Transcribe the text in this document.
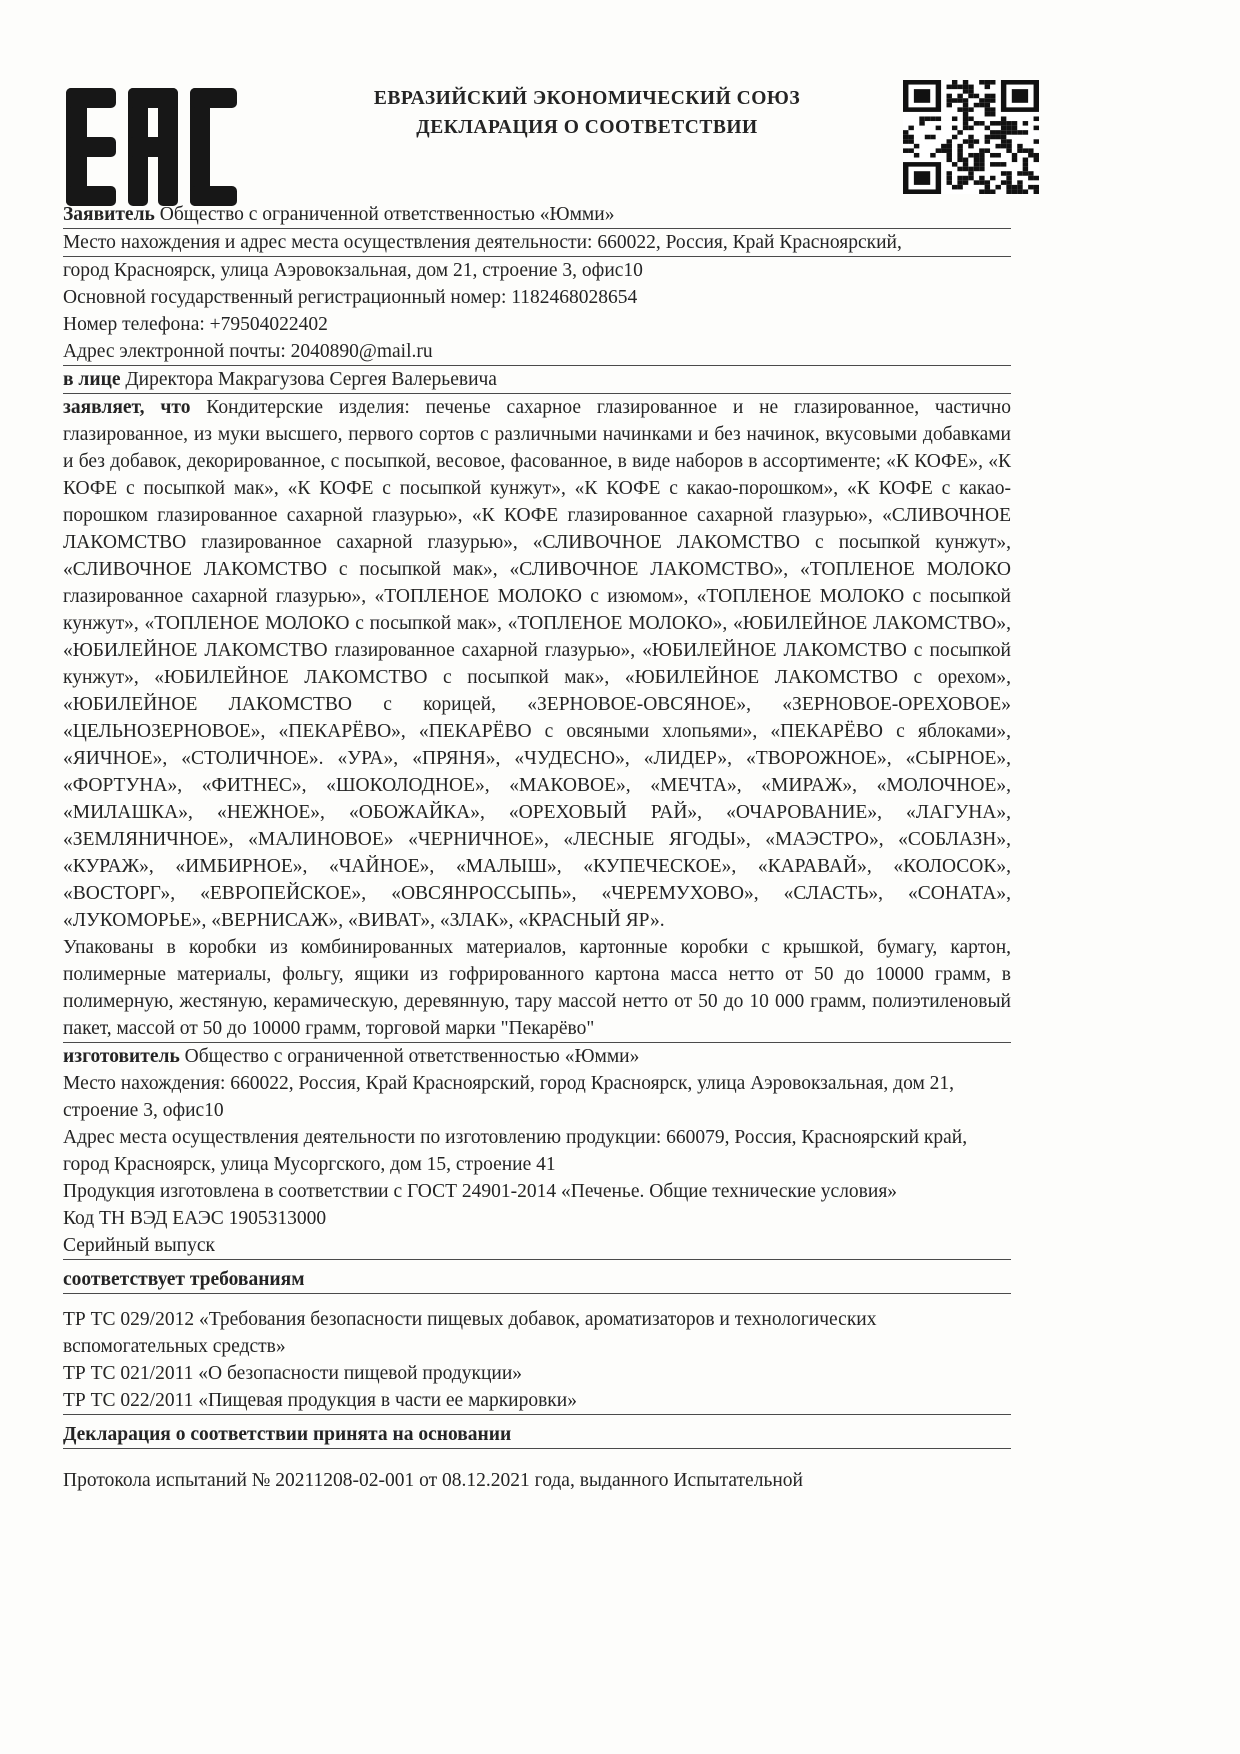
ЕВРАЗИЙСКИЙ ЭКОНОМИЧЕСКИЙ СОЮЗ
ДЕКЛАРАЦИЯ О СООТВЕТСТВИИ
Заявитель Общество с ограниченной ответственностью «Юмми»
Место нахождения и адрес места осуществления деятельности: 660022, Россия, Край Красноярский,
город Красноярск, улица Аэровокзальная, дом 21, строение 3, офис10
Основной государственный регистрационный номер: 1182468028654
Номер телефона: +79504022402
Адрес электронной почты: 2040890@mail.ru
в лице Директора Макрагузова Сергея Валерьевича
заявляет, что Кондитерские изделия: печенье сахарное глазированное и не глазированное, частично глазированное, из муки высшего, первого сортов с различными начинками и без начинок, вкусовыми добавками и без добавок, декорированное, с посыпкой, весовое, фасованное, в виде наборов в ассортименте; «К КОФЕ», «К КОФЕ с посыпкой мак», «К КОФЕ с посыпкой кунжут», «К КОФЕ с какао-порошком», «К КОФЕ с какао-порошком глазированное сахарной глазурью», «К КОФЕ глазированное сахарной глазурью», «СЛИВОЧНОЕ ЛАКОМСТВО глазированное сахарной глазурью», «СЛИВОЧНОЕ ЛАКОМСТВО с посыпкой кунжут», «СЛИВОЧНОЕ ЛАКОМСТВО с посыпкой мак», «СЛИВОЧНОЕ ЛАКОМСТВО», «ТОПЛЕНОЕ МОЛОКО глазированное сахарной глазурью», «ТОПЛЕНОЕ МОЛОКО с изюмом», «ТОПЛЕНОЕ МОЛОКО с посыпкой кунжут», «ТОПЛЕНОЕ МОЛОКО с посыпкой мак», «ТОПЛЕНОЕ МОЛОКО», «ЮБИЛЕЙНОЕ ЛАКОМСТВО», «ЮБИЛЕЙНОЕ ЛАКОМСТВО глазированное сахарной глазурью», «ЮБИЛЕЙНОЕ ЛАКОМСТВО с посыпкой кунжут», «ЮБИЛЕЙНОЕ ЛАКОМСТВО с посыпкой мак», «ЮБИЛЕЙНОЕ ЛАКОМСТВО с орехом», «ЮБИЛЕЙНОЕ ЛАКОМСТВО с корицей, «ЗЕРНОВОЕ-ОВСЯНОЕ», «ЗЕРНОВОЕ-ОРЕХОВОЕ» «ЦЕЛЬНОЗЕРНОВОЕ», «ПЕКАРЁВО», «ПЕКАРЁВО с овсяными хлопьями», «ПЕКАРЁВО с яблоками», «ЯИЧНОЕ», «СТОЛИЧНОЕ». «УРА», «ПРЯНЯ», «ЧУДЕСНО», «ЛИДЕР», «ТВОРОЖНОЕ», «СЫРНОЕ», «ФОРТУНА», «ФИТНЕС», «ШОКОЛОДНОЕ», «МАКОВОЕ», «МЕЧТА», «МИРАЖ», «МОЛОЧНОЕ», «МИЛАШКА», «НЕЖНОЕ», «ОБОЖАЙКА», «ОРЕХОВЫЙ РАЙ», «ОЧАРОВАНИЕ», «ЛАГУНА», «ЗЕМЛЯНИЧНОЕ», «МАЛИНОВОЕ» «ЧЕРНИЧНОЕ», «ЛЕСНЫЕ ЯГОДЫ», «МАЭСТРО», «СОБЛАЗН», «КУРАЖ», «ИМБИРНОЕ», «ЧАЙНОЕ», «МАЛЫШ», «КУПЕЧЕСКОЕ», «КАРАВАЙ», «КОЛОСОК», «ВОСТОРГ», «ЕВРОПЕЙСКОЕ», «ОВСЯНРОССЫПЬ», «ЧЕРЕМУХОВО», «СЛАСТЬ», «СОНАТА», «ЛУКОМОРЬЕ», «ВЕРНИСАЖ», «ВИВАТ», «ЗЛАК», «КРАСНЫЙ ЯР».
Упакованы в коробки из комбинированных материалов, картонные коробки с крышкой, бумагу, картон, полимерные материалы, фольгу, ящики из гофрированного картона масса нетто от 50 до 10000 грамм, в полимерную, жестяную, керамическую, деревянную, тару массой нетто от 50 до 10 000 грамм, полиэтиленовый пакет, массой от 50 до 10000 грамм, торговой марки "Пекарёво"
изготовитель Общество с ограниченной ответственностью «Юмми»
Место нахождения: 660022, Россия, Край Красноярский, город Красноярск, улица Аэровокзальная, дом 21, строение 3, офис10
Адрес места осуществления деятельности по изготовлению продукции: 660079, Россия, Красноярский край, город Красноярск, улица Мусоргского, дом 15, строение 41
Продукция изготовлена в соответствии с ГОСТ 24901-2014 «Печенье. Общие технические условия»
Код ТН ВЭД ЕАЭС 1905313000
Серийный выпуск
соответствует требованиям
ТР ТС 029/2012 «Требования безопасности пищевых добавок, ароматизаторов и технологических вспомогательных средств»
ТР ТС 021/2011 «О безопасности пищевой продукции»
ТР ТС 022/2011 «Пищевая продукция в части ее маркировки»
Декларация о соответствии принята на основании
Протокола испытаний № 20211208-02-001 от 08.12.2021 года, выданного Испытательной
